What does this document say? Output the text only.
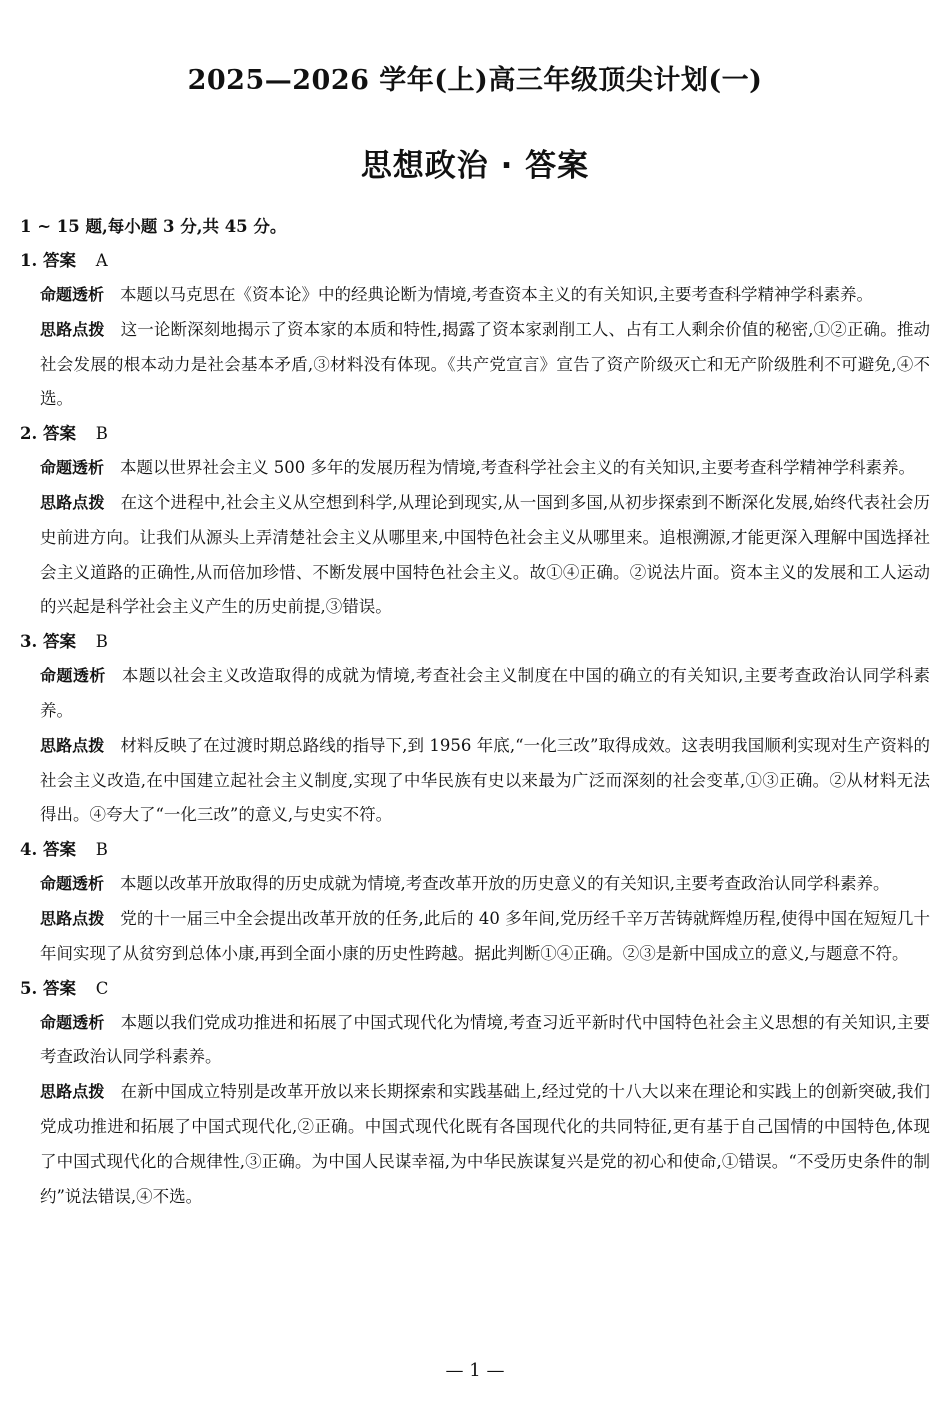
2025—2026 学年(上)高三年级顶尖计划(一)
思想政治 · 答案
1 ~ 15 题,每小题 3 分,共 45 分。
1. 答案 A
命题透析 本题以马克思在《资本论》中的经典论断为情境,考查资本主义的有关知识,主要考查科学精神学科素养。
思路点拨 这一论断深刻地揭示了资本家的本质和特性,揭露了资本家剥削工人、占有工人剩余价值的秘密,①②正确。推动社会发展的根本动力是社会基本矛盾,③材料没有体现。《共产党宣言》宣告了资产阶级灭亡和无产阶级胜利不可避免,④不选。
2. 答案 B
命题透析 本题以世界社会主义 500 多年的发展历程为情境,考查科学社会主义的有关知识,主要考查科学精神学科素养。
思路点拨 在这个进程中,社会主义从空想到科学,从理论到现实,从一国到多国,从初步探索到不断深化发展,始终代表社会历史前进方向。让我们从源头上弄清楚社会主义从哪里来,中国特色社会主义从哪里来。追根溯源,才能更深入理解中国选择社会主义道路的正确性,从而倍加珍惜、不断发展中国特色社会主义。故①④正确。②说法片面。资本主义的发展和工人运动的兴起是科学社会主义产生的历史前提,③错误。
3. 答案 B
命题透析 本题以社会主义改造取得的成就为情境,考查社会主义制度在中国的确立的有关知识,主要考查政治认同学科素养。
思路点拨 材料反映了在过渡时期总路线的指导下,到 1956 年底,“一化三改”取得成效。这表明我国顺利实现对生产资料的社会主义改造,在中国建立起社会主义制度,实现了中华民族有史以来最为广泛而深刻的社会变革,①③正确。②从材料无法得出。④夸大了“一化三改”的意义,与史实不符。
4. 答案 B
命题透析 本题以改革开放取得的历史成就为情境,考查改革开放的历史意义的有关知识,主要考查政治认同学科素养。
思路点拨 党的十一届三中全会提出改革开放的任务,此后的 40 多年间,党历经千辛万苦铸就辉煌历程,使得中国在短短几十年间实现了从贫穷到总体小康,再到全面小康的历史性跨越。据此判断①④正确。②③是新中国成立的意义,与题意不符。
5. 答案 C
命题透析 本题以我们党成功推进和拓展了中国式现代化为情境,考查习近平新时代中国特色社会主义思想的有关知识,主要考查政治认同学科素养。
思路点拨 在新中国成立特别是改革开放以来长期探索和实践基础上,经过党的十八大以来在理论和实践上的创新突破,我们党成功推进和拓展了中国式现代化,②正确。中国式现代化既有各国现代化的共同特征,更有基于自己国情的中国特色,体现了中国式现代化的合规律性,③正确。为中国人民谋幸福,为中华民族谋复兴是党的初心和使命,①错误。“不受历史条件的制约”说法错误,④不选。
— 1 —
